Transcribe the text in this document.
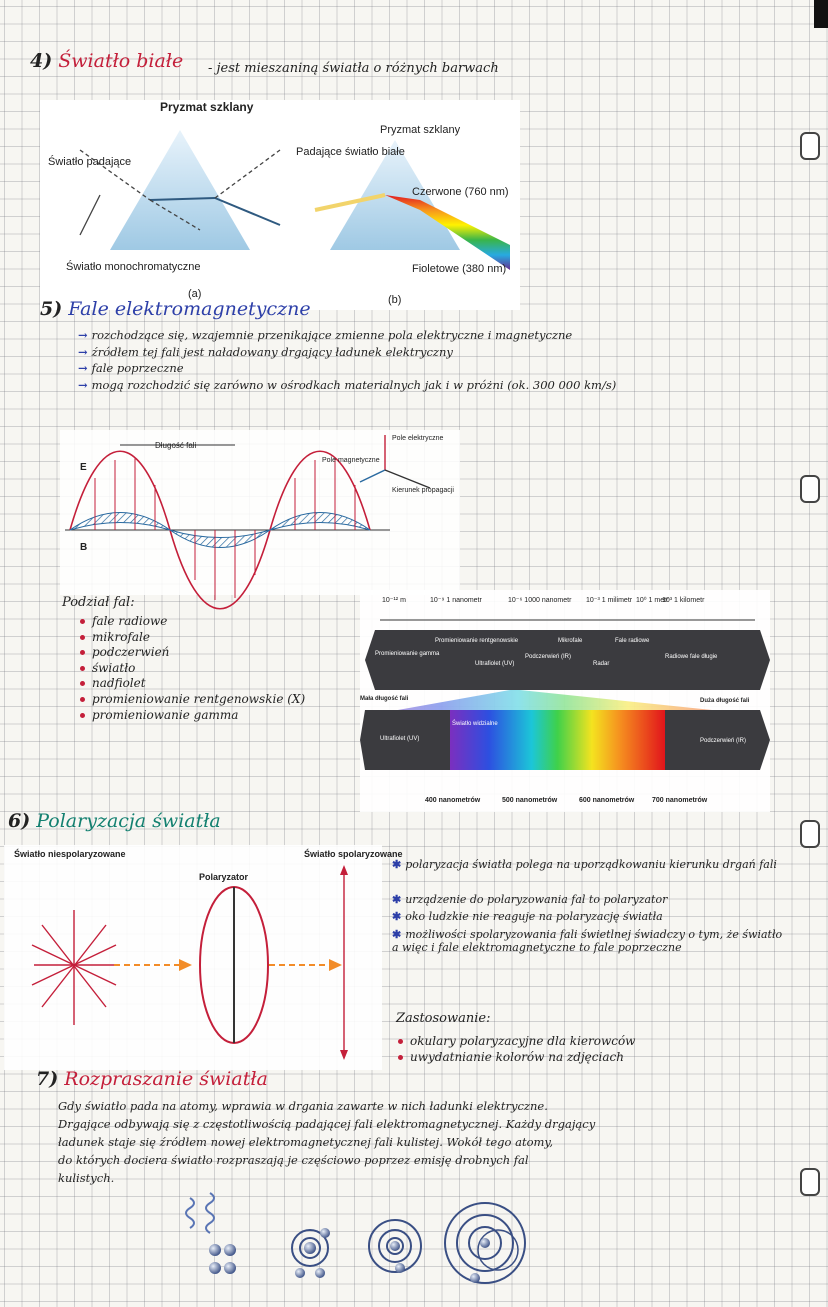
4) Światło białe - jest mieszaniną światła o różnych barwach
Pryzmat szklany
Światło padające
Światło monochromatyczne
(a)
Pryzmat szklany
Padające światło białe
Czerwone (760 nm)
Fioletowe (380 nm)
(b)
5) Fale elektromagnetyczne
→ rozchodzące się, wzajemnie przenikające zmienne pola elektryczne i magnetyczne
→ źródłem tej fali jest naładowany drgający ładunek elektryczny
→ fale poprzeczne
→ mogą rozchodzić się zarówno w ośrodkach materialnych jak i w próżni (ok. 300 000 km/s)
Długość fali
E
B
Pole elektryczne
Pole magnetyczne
Kierunek propagacji
Podział fal:
fale radiowe
mikrofale
podczerwień
światło
nadfiolet
promieniowanie rentgenowskie (X)
promieniowanie gamma
10⁻¹² m	10⁻⁹ 1 nanometr	10⁻⁶ 1000 nanometr 10⁻³ 1 milimetr 10⁰ 1 metr
10³ 1 kilometr
Promieniowanie gamma
Promieniowanie rentgenowskie
Ultrafiolet (UV)
Podczerwień (IR)
Mikrofale
Radar
Fale radiowe
Radiowe fale długie
Mała długość fali	Duża długość fali
Światło widzialne
Ultrafiolet (UV)	Podczerwień (IR)
400 nanometrów	500 nanometrów	600 nanometrów	700 nanometrów
6) Polaryzacja światła
Światło niespolaryzowane
Polaryzator
Światło spolaryzowane
✱ polaryzacja światła polega na uporządkowaniu kierunku drgań fali
✱ urządzenie do polaryzowania fal to polaryzator
✱ oko ludzkie nie reaguje na polaryzację światła
✱ możliwości spolaryzowania fali świetlnej świadczy o tym, że światło a więc i fale elektromagnetyczne to fale poprzeczne
Zastosowanie:
okulary polaryzacyjne dla kierowców
uwydatnianie kolorów na zdjęciach
7) Rozpraszanie światła
Gdy światło pada na atomy, wprawia w drgania zawarte w nich ładunki elektryczne.
Drgające odbywają się z częstotliwością padającej fali elektromagnetycznej. Każdy drgający
ładunek staje się źródłem nowej elektromagnetycznej fali kulistej. Wokół tego atomy,
do których dociera światło rozpraszają je częściowo poprzez emisję drobnych fal
kulistych.
